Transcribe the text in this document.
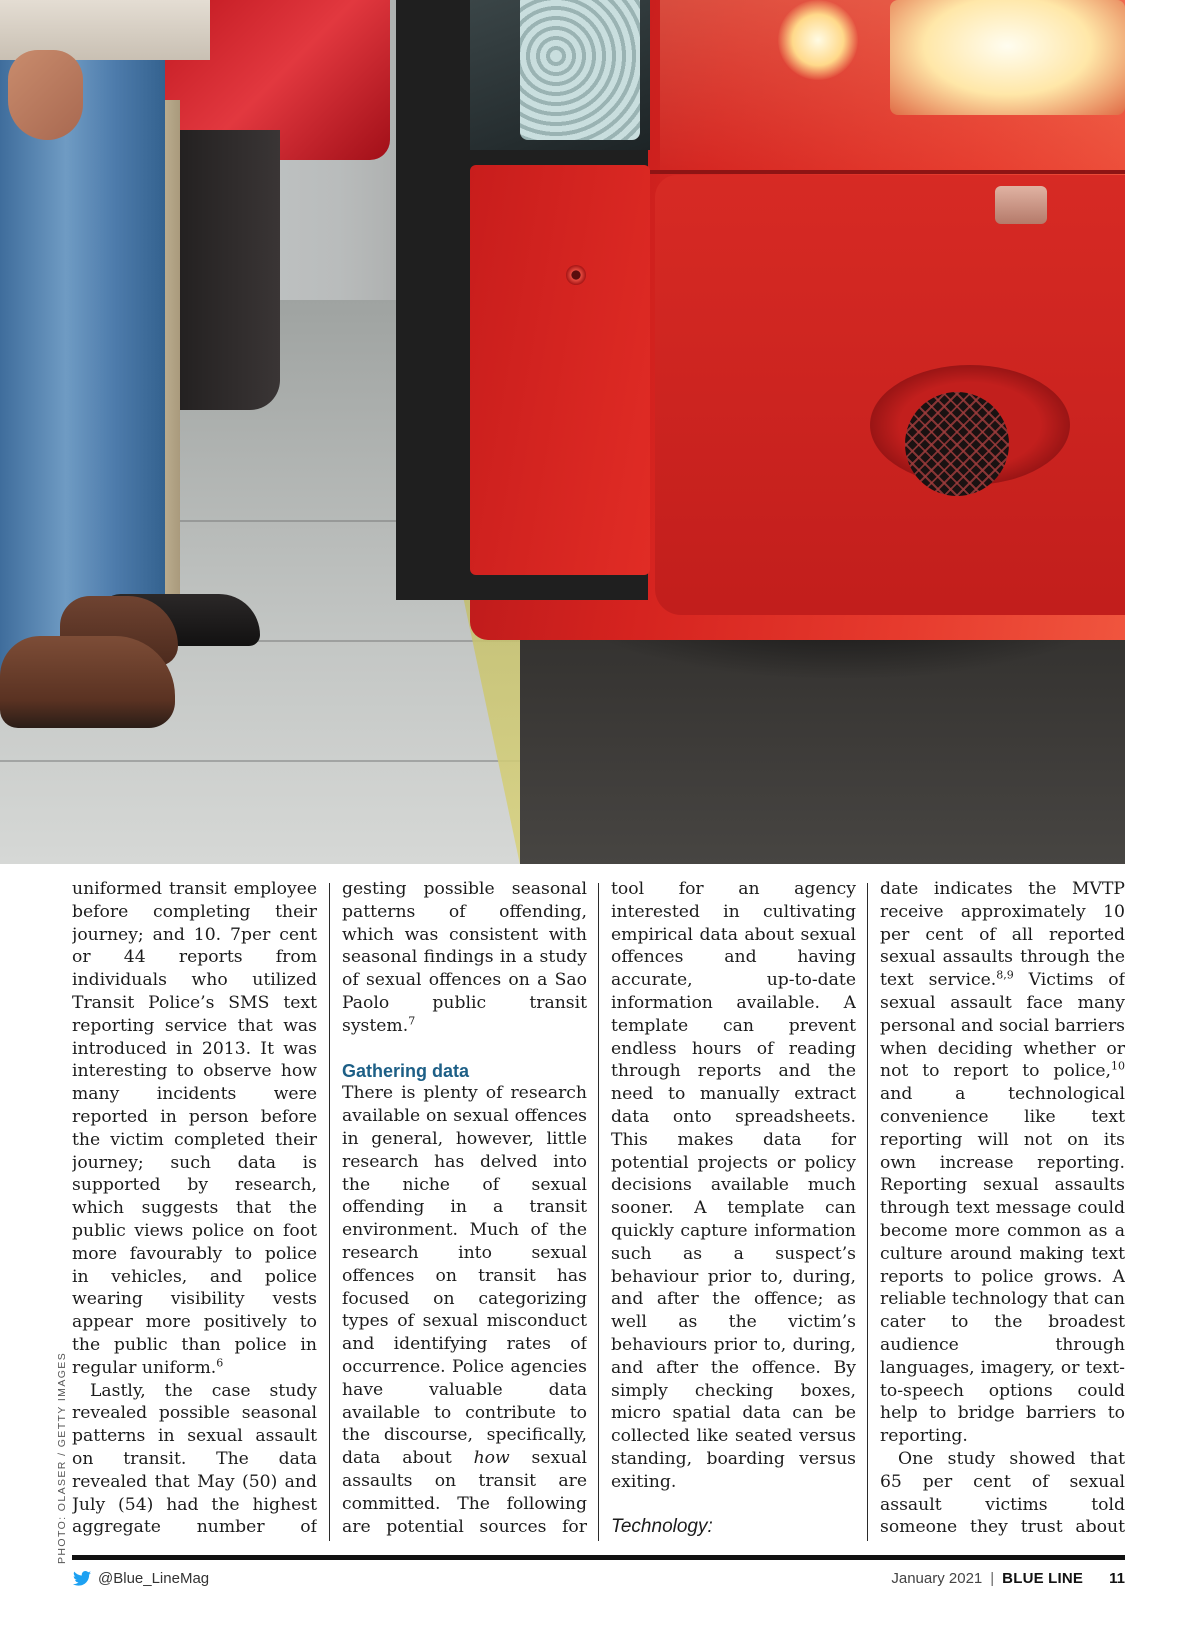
PHOTO: OLASER / GETTY IMAGES

uniformed transit employee before completing their journey; and 10. 7per cent or 44 reports from individuals who utilized Transit Police’s SMS text reporting service that was introduced in 2013. It was interesting to observe how many incidents were reported in person before the victim completed their journey; such data is supported by research, which suggests that the public views police on foot more favourably to police in vehicles, and police wearing visibility vests appear more positively to the public than police in regular uniform.$^6$

Lastly, the case study revealed possible seasonal patterns in sexual assault on transit. The data revealed that May (50) and July (54) had the highest aggregate number of

gesting possible seasonal patterns of offending, which was consistent with seasonal findings in a study of sexual offences on a Sao Paolo public transit system.$^7$

Gathering data

There is plenty of research available on sexual offences in general, however, little research has delved into the niche of sexual offending in a transit environment. Much of the research into sexual offences on transit has focused on categorizing types of sexual misconduct and identifying rates of occurrence. Police agencies have valuable data available to contribute to the discourse, specifically, data about how sexual assaults on transit are committed. The following are potential sources for

tool for an agency interested in cultivating empirical data about sexual offences and having accurate, up-to-date information available. A template can prevent endless hours of reading through reports and the need to manually extract data onto spreadsheets. This makes data for potential projects or policy decisions available much sooner. A template can quickly capture information such as a suspect’s behaviour prior to, during, and after the offence; as well as the victim’s behaviours prior to, during, and after the offence. By simply checking boxes, micro spatial data can be collected like seated versus standing, boarding versus exiting.

Technology:

date indicates the MVTP receive approximately 10 per cent of all reported sexual assaults through the text service.$^{8,9}$ Victims of sexual assault face many personal and social barriers when deciding whether or not to report to police,$^{10}$ and a technological convenience like text reporting will not on its own increase reporting. Reporting sexual assaults through text message could become more common as a culture around making text reports to police grows. A reliable technology that can cater to the broadest audience through languages, imagery, or text-to-speech options could help to bridge barriers to reporting.

One study showed that 65 per cent of sexual assault victims told someone they trust about

@Blue_LineMag	January 2021 | BLUE LINE 11
